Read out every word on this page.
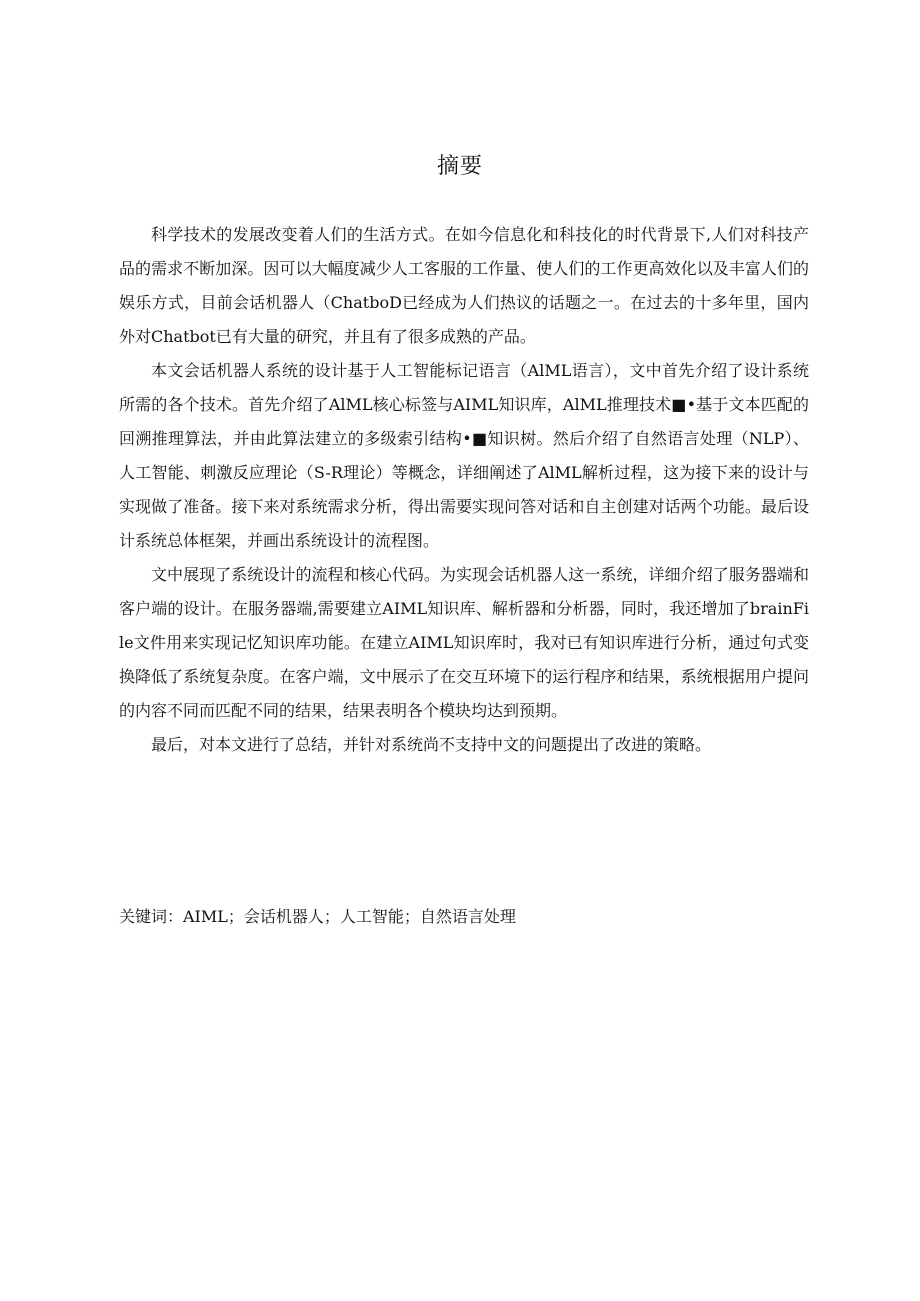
摘要

科学技术的发展改变着人们的生活方式。在如今信息化和科技化的时代背景下,人们对科技产品的需求不断加深。因可以大幅度减少人工客服的工作量、使人们的工作更高效化以及丰富人们的娱乐方式，目前会话机器人（ChatboD已经成为人们热议的话题之一。在过去的十多年里，国内外对Chatbot已有大量的研究，并且有了很多成熟的产品。

本文会话机器人系统的设计基于人工智能标记语言（AlML语言），文中首先介绍了设计系统所需的各个技术。首先介绍了AlML核心标签与AIML知识库，AlML推理技术■•基于文本匹配的回溯推理算法，并由此算法建立的多级索引结构•■知识树。然后介绍了自然语言处理（NLP）、人工智能、刺激反应理论（S-R理论）等概念，详细阐述了AlML解析过程，这为接下来的设计与实现做了准备。接下来对系统需求分析，得出需要实现问答对话和自主创建对话两个功能。最后设计系统总体框架，并画出系统设计的流程图。

文中展现了系统设计的流程和核心代码。为实现会话机器人这一系统，详细介绍了服务器端和客户端的设计。在服务器端,需要建立AIML知识库、解析器和分析器，同时，我还增加了brainFile文件用来实现记忆知识库功能。在建立AIML知识库时，我对已有知识库进行分析，通过句式变换降低了系统复杂度。在客户端，文中展示了在交互环境下的运行程序和结果，系统根据用户提问的内容不同而匹配不同的结果，结果表明各个模块均达到预期。

最后，对本文进行了总结，并针对系统尚不支持中文的问题提出了改进的策略。

关键词：AIML；会话机器人；人工智能；自然语言处理
